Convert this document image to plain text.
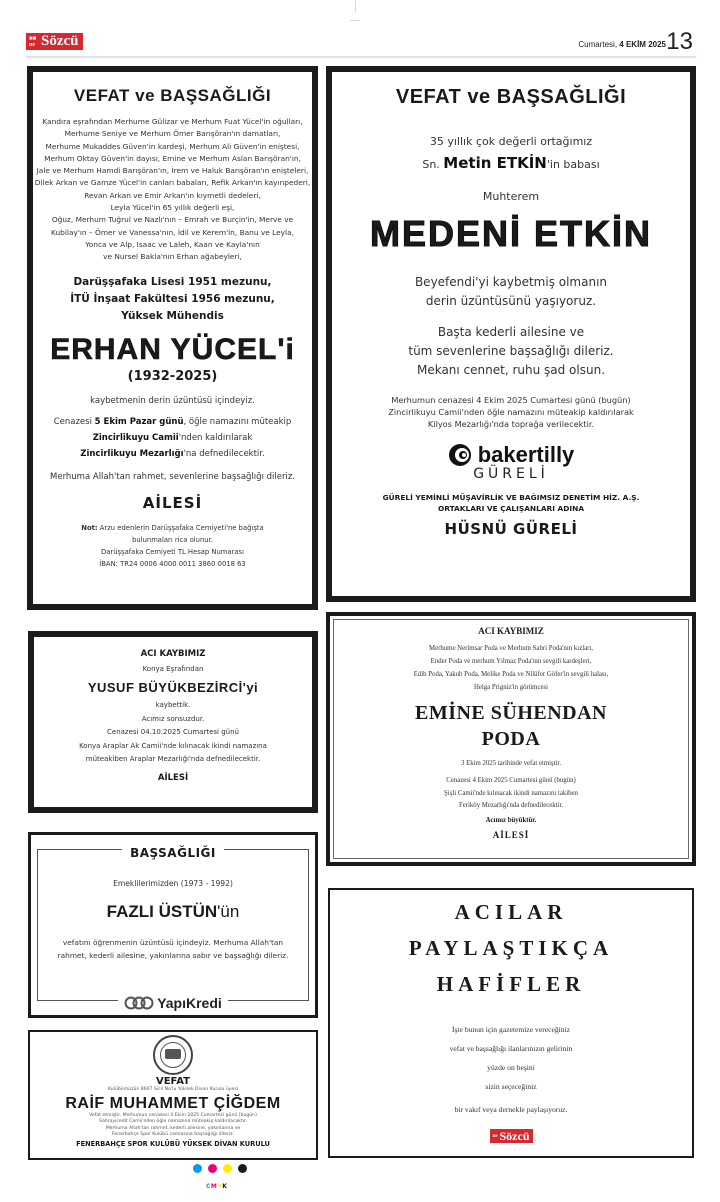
■■
ne Sözcü	Cumartesi, 4 EKİM 2025 13
VEFAT ve BAŞSAĞLIĞI
Kandıra eşrafından Merhume Gülizar ve Merhum Fuat Yücel'in oğulları,
Merhume Seniye ve Merhum Ömer Barışöran'ın damatları,
Merhume Mukaddes Güven'in kardeşi, Merhum Ali Güven'in eniştesi,
Merhum Oktay Güven'in dayısı, Emine ve Merhum Aslan Barışöran'ın,
Jale ve Merhum Hamdi Barışöran'ın, İrem ve Haluk Barışöran'ın enişteleri,
Dilek Arkan ve Gamze Yücel'in canları babaları, Refik Arkan'ın kayınpederi,
Revan Arkan ve Emir Arkan'ın kıymetli dedeleri,
Leyla Yücel'in 65 yıllık değerli eşi,
Oğuz, Merhum Tuğrul ve Nazlı'nın – Emrah ve Burçin'in, Merve ve
Kubilay'ın – Ömer ve Vanessa'nın, İdil ve Kerem'in, Banu ve Leyla,
Yonca ve Alp, Isaac ve Laleh, Kaan ve Kayla'nın
ve Nursel Bakla'nın Erhan ağabeyleri,
Darüşşafaka Lisesi 1951 mezunu,
İTÜ İnşaat Fakültesi 1956 mezunu,
Yüksek Mühendis
ERHAN YÜCEL'i
(1932-2025)
kaybetmenin derin üzüntüsü içindeyiz.
Cenazesi 5 Ekim Pazar günü, öğle namazını müteakip
Zincirlikuyu Camii'nden kaldırılarak
Zincirlikuyu Mezarlığı'na defnedilecektir.
Merhuma Allah'tan rahmet, sevenlerine başsağlığı dileriz.
AİLESİ
Not: Arzu edenlerin Darüşşafaka Cemiyeti'ne bağışta
bulunmaları rica olunur.
Darüşşafaka Cemiyeti TL Hesap Numarası
İBAN: TR24 0006 4000 0011 3860 0018 63
VEFAT ve BAŞSAĞLIĞI
35 yıllık çok değerli ortağımız
Sn. Metin ETKİN'in babası
Muhterem
MEDENİ ETKİN
Beyefendi'yi kaybetmiş olmanın
derin üzüntüsünü yaşıyoruz.
Başta kederli ailesine ve
tüm sevenlerine başsağlığı dileriz.
Mekanı cennet, ruhu şad olsun.
Merhumun cenazesi 4 Ekim 2025 Cumartesi günü (bugün)
Zincirlikuyu Camii'nden öğle namazını müteakip kaldırılarak
Kilyos Mezarlığı'nda toprağa verilecektir.
bakertilly
GÜRELİ
GÜRELİ YEMİNLİ MÜŞAVİRLİK VE BAĞIMSIZ DENETİM HİZ. A.Ş.
ORTAKLARI VE ÇALIŞANLARI ADINA
HÜSNÜ GÜRELİ
ACI KAYBIMIZ
Konya Eşrafından
YUSUF BÜYÜKBEZİRCİ'yi
kaybettik.
Acımız sonsuzdur.
Cenazesi 04.10.2025 Cumartesi günü
Konya Araplar Ak Camii'nde kılınacak ikindi namazına
müteakiben Araplar Mezarlığı'nda defnedilecektir.
AİLESİ
BAŞSAĞLIĞI
Emeklilerimizden (1973 - 1992)
FAZLI ÜSTÜN'ün
vefatını öğrenmenin üzüntüsü içindeyiz. Merhuma Allah'tan
rahmet, kederli ailesine, yakınlarına sabır ve başsağlığı dileriz.
YapıKredi
VEFAT
Kulübümüzün 8607 Sicil No'lu Yüksek Divan Kurulu üyesi
RAİF MUHAMMET ÇİĞDEM
Vefat etmiştir. Merhumun cenazesi 4 Ekim 2025 Cumartesi günü (bugün)
Sahrayıcedit Camii'nden öğle namazına müteakip kaldırılacaktır.
Merhuma Allah'tan rahmet, kederli ailesine, yakınlarına ve
Fenerbahçe Spor Kulübü camiasına başsağlığı dileriz.
FENERBAHÇE SPOR KULÜBÜ YÜKSEK DİVAN KURULU
ACI KAYBIMIZ
Merhume Nerimsar Poda ve Merhum Sabri Poda'nın kızları,
Ender Poda ve merhum Yılmaz Poda'nın sevgili kardeşleri,
Edib Poda, Yakub Poda, Melike Poda ve Nilüfer Göfer'in sevgili halası,
Helga Prigniz'in görümcesi
EMİNE SÜHENDAN
PODA
3 Ekim 2025 tarihinde vefat etmiştir.
Cenazesi 4 Ekim 2025 Cumartesi günü (bugün)
Şişli Camii'nde kılınacak ikindi namazını takiben
Feriköy Mezarlığı'nda defnedilecektir.
Acımız büyüktür.
AİLESİ
ACILAR
PAYLAŞTIKÇA
HAFİFLER
İşte bunun için gazetemize vereceğiniz
vefat ve başsağlığı ilanlarınızın gelirinin
yüzde on beşini
sizin seçeceğiniz
bir vakıf veya dernekle paylaşıyoruz.
ne Sözcü
CMYK
